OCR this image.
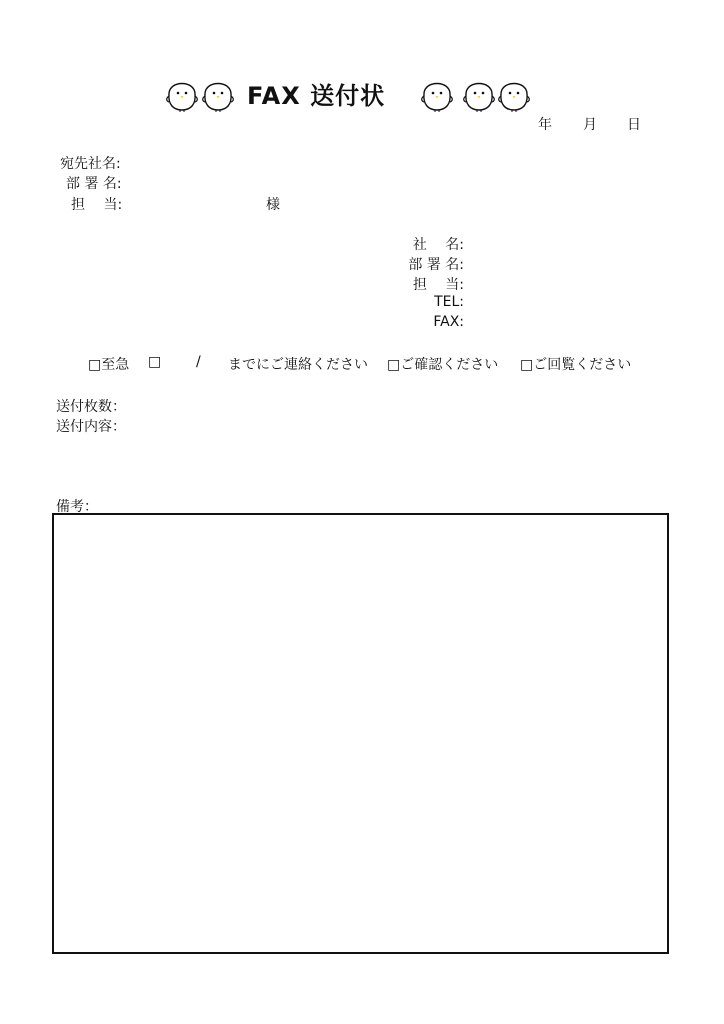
FAX 送付状
年 月 日
宛先社名:
部 署 名:
担　 当:	様
社　 名:
部 署 名:
担　 当:
TEL:
FAX:
□至急 □ / までにご連絡ください □ご確認ください □ご回覧ください
送付枚数：
送付内容：
備考：
